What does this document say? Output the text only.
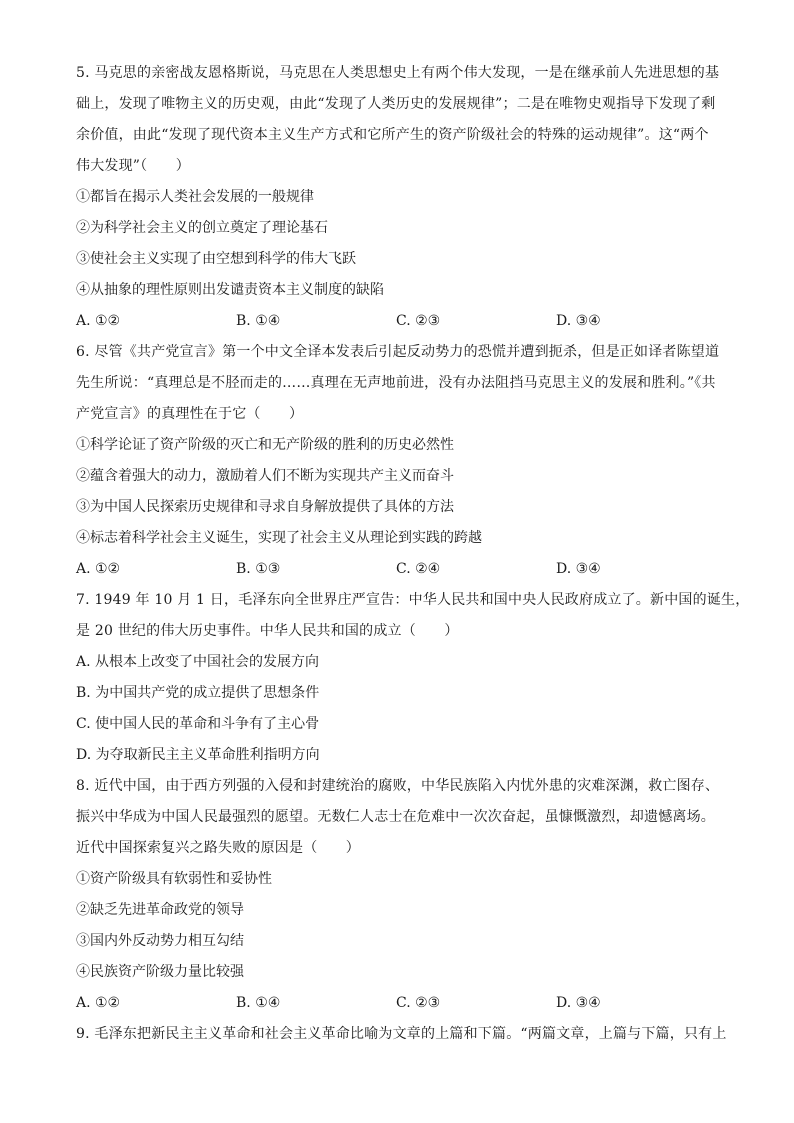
5. 马克思的亲密战友恩格斯说，马克思在人类思想史上有两个伟大发现，一是在继承前人先进思想的基
础上，发现了唯物主义的历史观，由此“发现了人类历史的发展规律”；二是在唯物史观指导下发现了剩
余价值，由此“发现了现代资本主义生产方式和它所产生的资产阶级社会的特殊的运动规律”。这“两个
伟大发现”（　　）
①都旨在揭示人类社会发展的一般规律
②为科学社会主义的创立奠定了理论基石
③使社会主义实现了由空想到科学的伟大飞跃
④从抽象的理性原则出发谴责资本主义制度的缺陷
A. ①②	B. ①④	C. ②③	D. ③④
6. 尽管《共产党宣言》第一个中文全译本发表后引起反动势力的恐慌并遭到扼杀，但是正如译者陈望道
先生所说：“真理总是不胫而走的……真理在无声地前进，没有办法阻挡马克思主义的发展和胜利。”《共
产党宣言》的真理性在于它（　　）
①科学论证了资产阶级的灭亡和无产阶级的胜利的历史必然性
②蕴含着强大的动力，激励着人们不断为实现共产主义而奋斗
③为中国人民探索历史规律和寻求自身解放提供了具体的方法
④标志着科学社会主义诞生，实现了社会主义从理论到实践的跨越
A. ①②	B. ①③	C. ②④	D. ③④
7. 1949 年 10 月 1 日，毛泽东向全世界庄严宣告：中华人民共和国中央人民政府成立了。新中国的诞生，
是 20 世纪的伟大历史事件。中华人民共和国的成立（　　）
A. 从根本上改变了中国社会的发展方向
B. 为中国共产党的成立提供了思想条件
C. 使中国人民的革命和斗争有了主心骨
D. 为夺取新民主主义革命胜利指明方向
8. 近代中国，由于西方列强的入侵和封建统治的腐败，中华民族陷入内忧外患的灾难深渊，救亡图存、
振兴中华成为中国人民最强烈的愿望。无数仁人志士在危难中一次次奋起，虽慷慨激烈，却遗憾离场。
近代中国探索复兴之路失败的原因是（　　）
①资产阶级具有软弱性和妥协性
②缺乏先进革命政党的领导
③国内外反动势力相互勾结
④民族资产阶级力量比较强
A. ①②	B. ①④	C. ②③	D. ③④
9. 毛泽东把新民主主义革命和社会主义革命比喻为文章的上篇和下篇。“两篇文章，上篇与下篇，只有上
